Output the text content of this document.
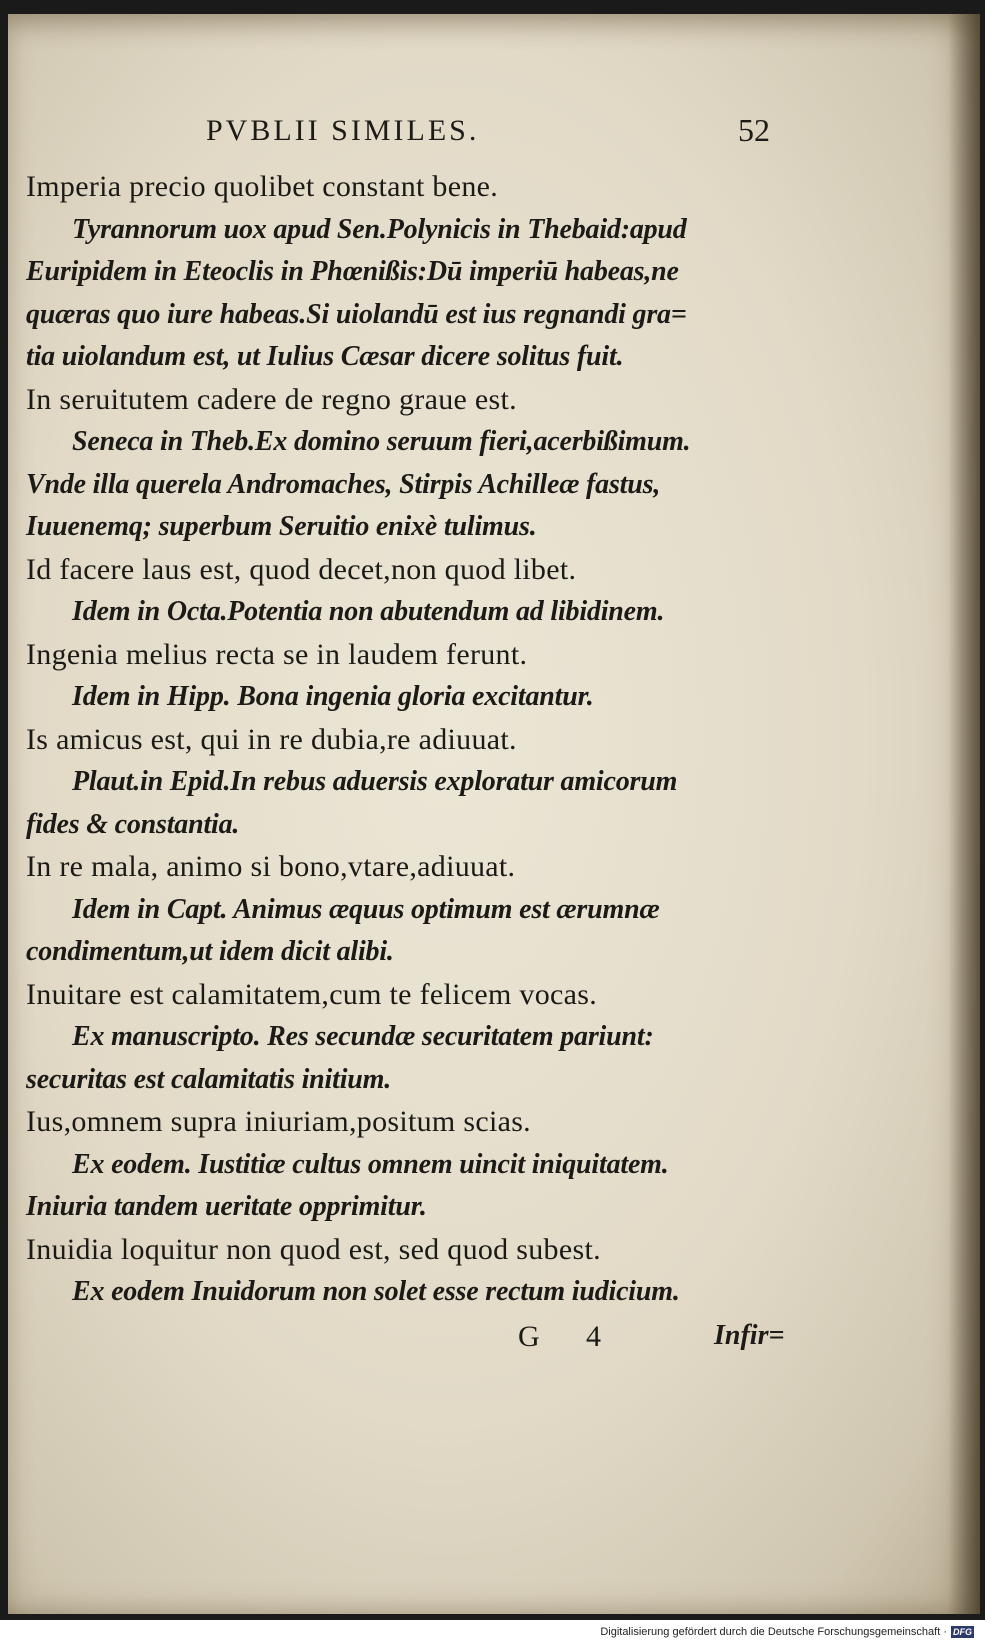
PVBLII SIMILES.	52
Imperia precio quolibet constant bene.
Tyrannorum uox apud Sen.Polynicis in Thebaid:apud
Euripidem in Eteoclis in Phœnißis:Dū imperiū habeas,ne
quæras quo iure habeas.Si uiolandū est ius regnandi gra=
tia uiolandum est, ut Iulius Cæsar dicere solitus fuit.
In seruitutem cadere de regno graue est.
Seneca in Theb.Ex domino seruum fieri,acerbißimum.
Vnde illa querela Andromaches, Stirpis Achilleæ fastus,
Iuuenemq; superbum Seruitio enixè tulimus.
Id facere laus est, quod decet,non quod libet.
Idem in Octa.Potentia non abutendum ad libidinem.
Ingenia melius recta se in laudem ferunt.
Idem in Hipp. Bona ingenia gloria excitantur.
Is amicus est, qui in re dubia,re adiuuat.
Plaut.in Epid.In rebus aduersis exploratur amicorum
fides & constantia.
In re mala, animo si bono,vtare,adiuuat.
Idem in Capt. Animus æquus optimum est ærumnæ
condimentum,ut idem dicit alibi.
Inuitare est calamitatem,cum te felicem vocas.
Ex manuscripto. Res secundæ securitatem pariunt:
securitas est calamitatis initium.
Ius,omnem supra iniuriam,positum scias.
Ex eodem. Iustitiæ cultus omnem uincit iniquitatem.
Iniuria tandem ueritate opprimitur.
Inuidia loquitur non quod est, sed quod subest.
Ex eodem Inuidorum non solet esse rectum iudicium.
G 4	Infir=
Digitalisierung gefördert durch die Deutsche Forschungsgemeinschaft · DFG
